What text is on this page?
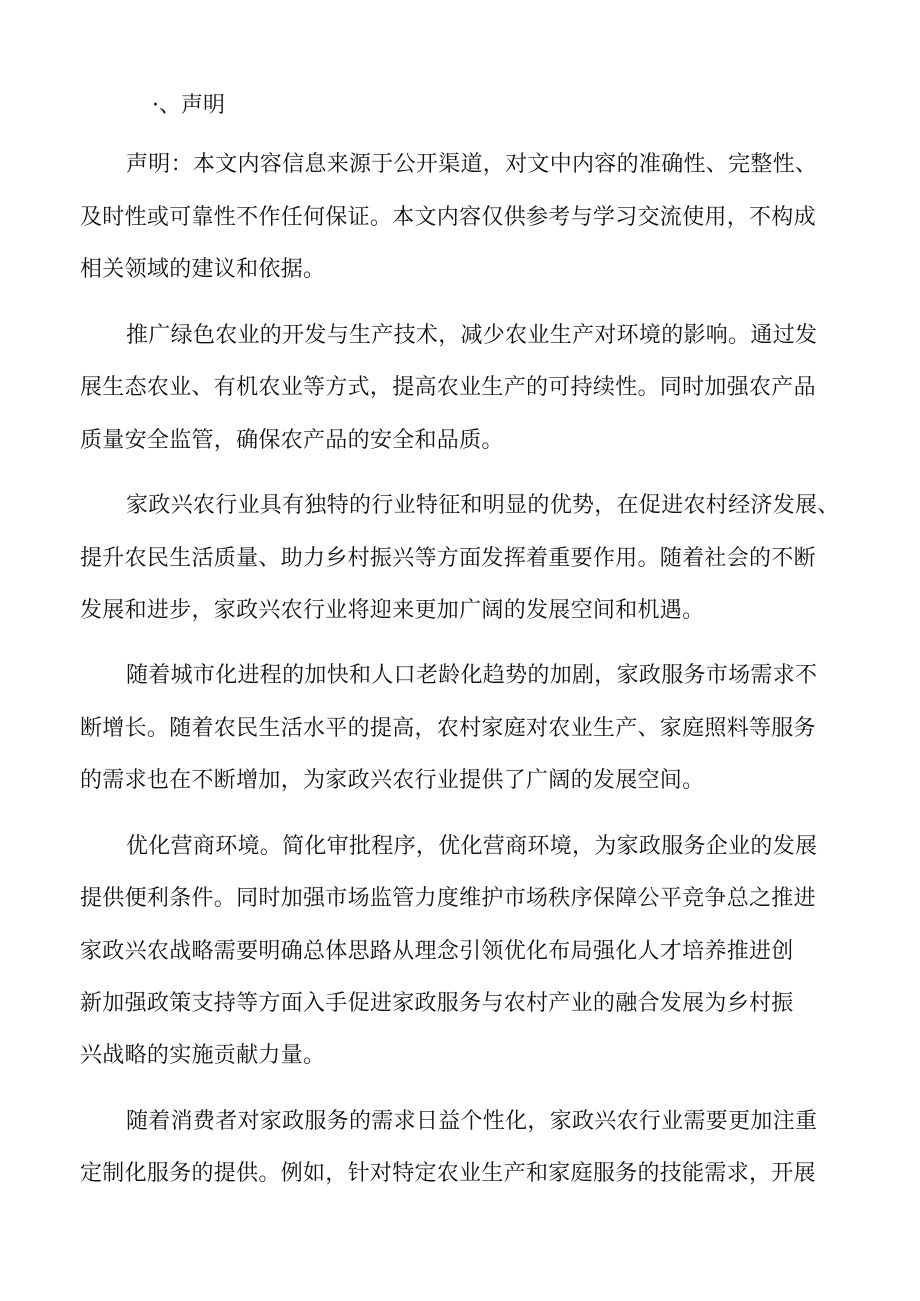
·、声明
声明：本文内容信息来源于公开渠道，对文中内容的准确性、完整性、
及时性或可靠性不作任何保证。本文内容仅供参考与学习交流使用，不构成
相关领域的建议和依据。
推广绿色农业的开发与生产技术，减少农业生产对环境的影响。通过发
展生态农业、有机农业等方式，提高农业生产的可持续性。同时加强农产品
质量安全监管，确保农产品的安全和品质。
家政兴农行业具有独特的行业特征和明显的优势，在促进农村经济发展、
提升农民生活质量、助力乡村振兴等方面发挥着重要作用。随着社会的不断
发展和进步，家政兴农行业将迎来更加广阔的发展空间和机遇。
随着城市化进程的加快和人口老龄化趋势的加剧，家政服务市场需求不
断增长。随着农民生活水平的提高，农村家庭对农业生产、家庭照料等服务
的需求也在不断增加，为家政兴农行业提供了广阔的发展空间。
优化营商环境。简化审批程序，优化营商环境，为家政服务企业的发展
提供便利条件。同时加强市场监管力度维护市场秩序保障公平竞争总之推进
家政兴农战略需要明确总体思路从理念引领优化布局强化人才培养推进创
新加强政策支持等方面入手促进家政服务与农村产业的融合发展为乡村振
兴战略的实施贡献力量。
随着消费者对家政服务的需求日益个性化，家政兴农行业需要更加注重
定制化服务的提供。例如，针对特定农业生产和家庭服务的技能需求，开展
